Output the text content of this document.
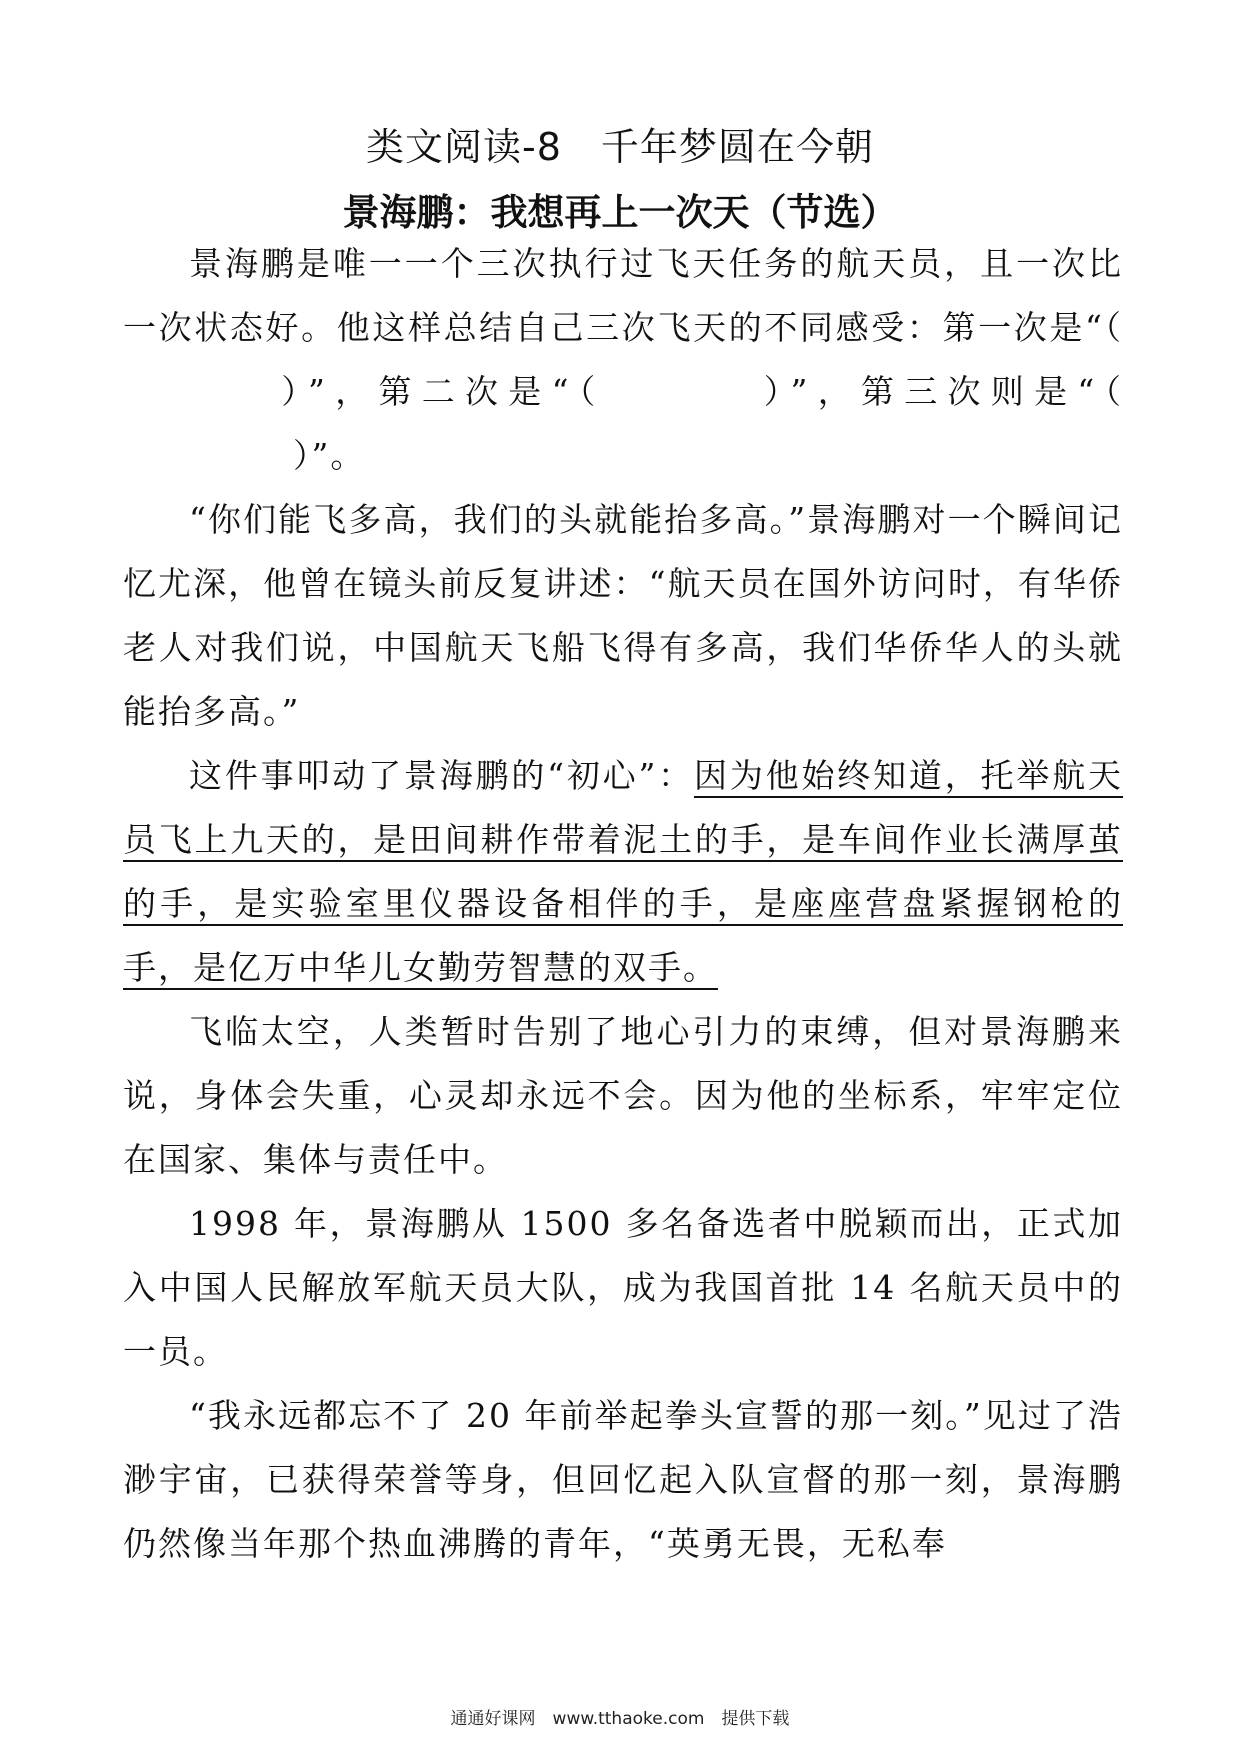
类文阅读-8　千年梦圆在今朝
景海鹏：我想再上一次天（节选）

景海鹏是唯一一个三次执行过飞天任务的航天员，且一次比一次状态好。他这样总结自己三次飞天的不同感受：第一次是“（）”，第二次是“（	）”，第三次则是“（）”。

“你们能飞多高，我们的头就能抬多高。”景海鹏对一个瞬间记忆尤深，他曾在镜头前反复讲述：“航天员在国外访问时，有华侨老人对我们说，中国航天飞船飞得有多高，我们华侨华人的头就能抬多高。”

这件事叩动了景海鹏的“初心”：因为他始终知道，托举航天员飞上九天的，是田间耕作带着泥土的手，是车间作业长满厚茧的手，是实验室里仪器设备相伴的手，是座座营盘紧握钢枪的手，是亿万中华儿女勤劳智慧的双手。

飞临太空，人类暂时告别了地心引力的束缚，但对景海鹏来说，身体会失重，心灵却永远不会。因为他的坐标系，牢牢定位在国家、集体与责任中。

1998 年，景海鹏从 1500 多名备选者中脱颖而出，正式加入中国人民解放军航天员大队，成为我国首批 14 名航天员中的一员。

“我永远都忘不了 20 年前举起拳头宣誓的那一刻。”见过了浩渺宇宙，已获得荣誉等身，但回忆起入队宣督的那一刻，景海鹏仍然像当年那个热血沸腾的青年，“英勇无畏，无私奉

通通好课网　www.tthaoke.com　提供下载
